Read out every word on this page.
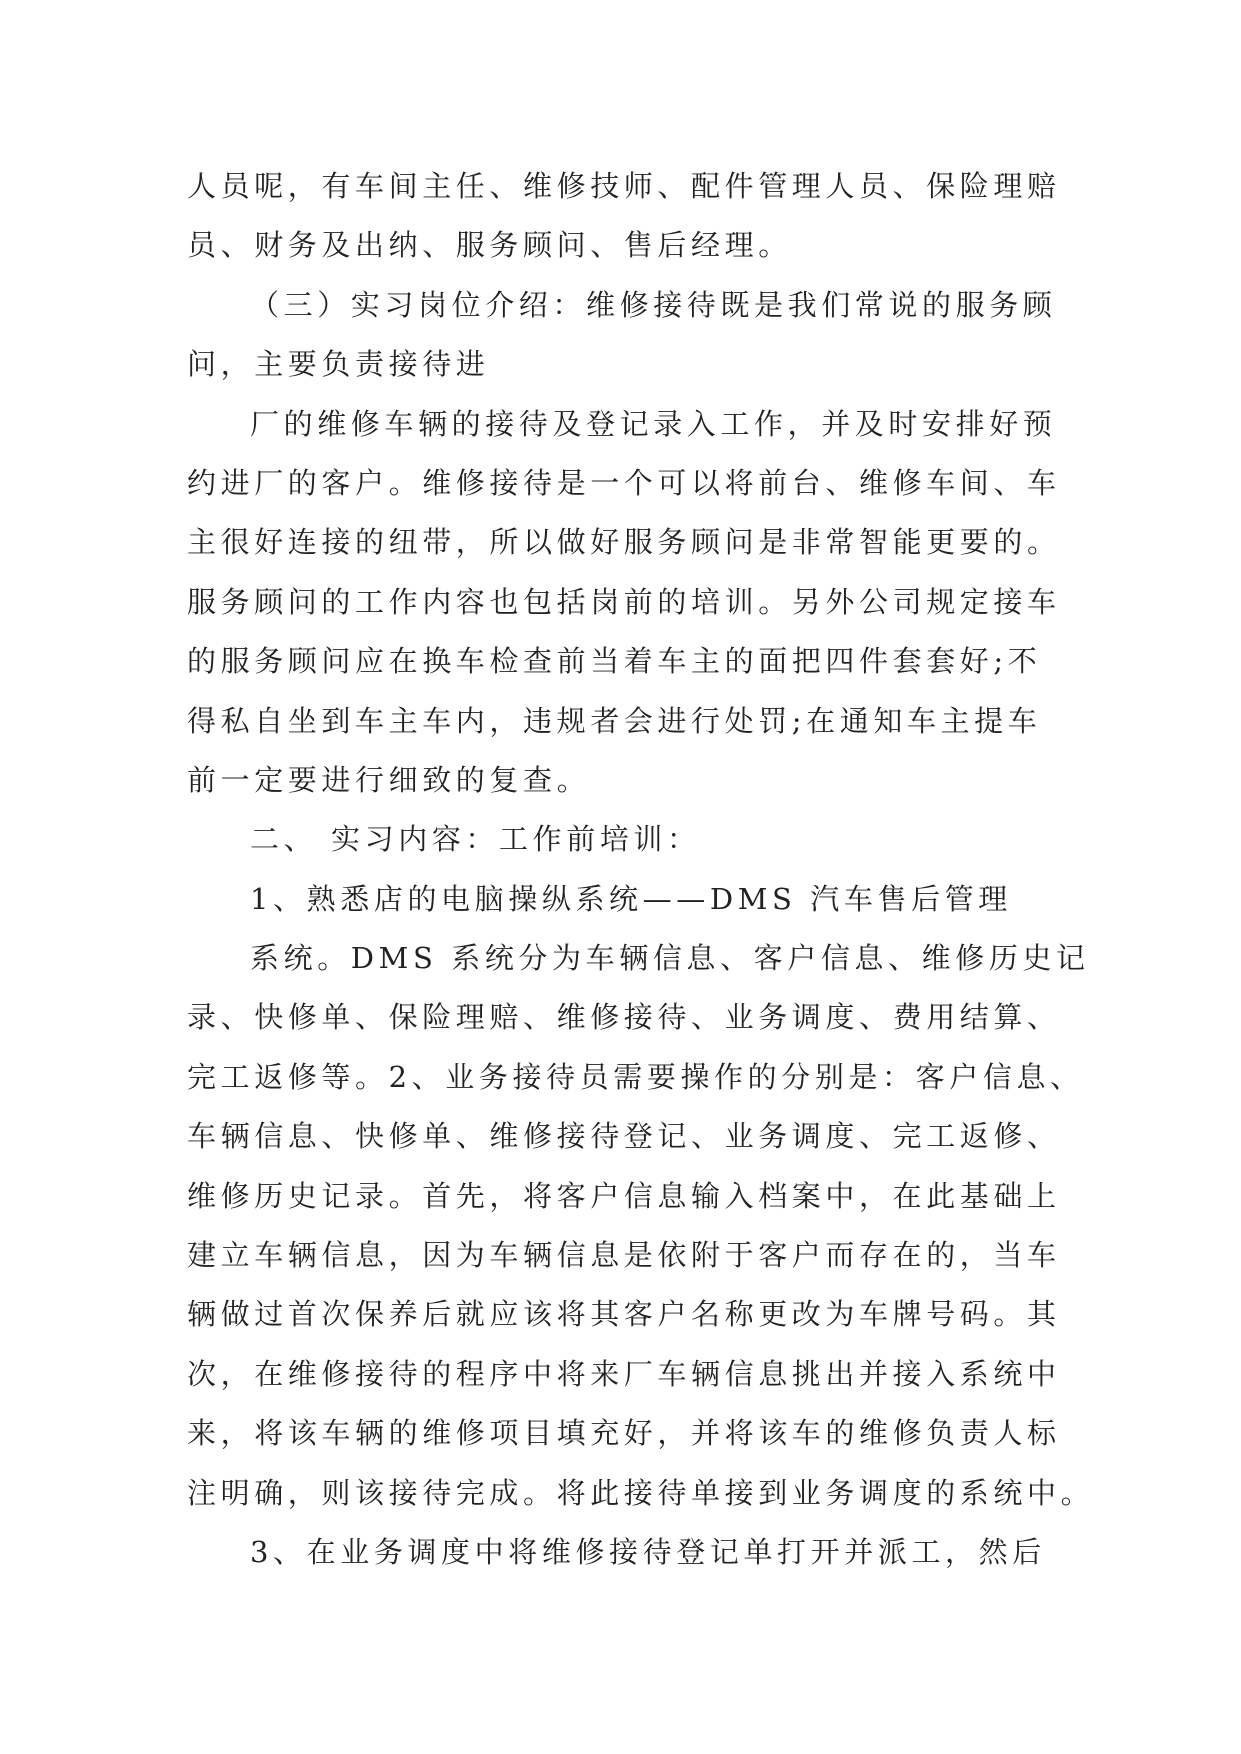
人员呢，有车间主任、维修技师、配件管理人员、保险理赔
员、财务及出纳、服务顾问、售后经理。
（三）实习岗位介绍：维修接待既是我们常说的服务顾
问，主要负责接待进
厂的维修车辆的接待及登记录入工作，并及时安排好预
约进厂的客户。维修接待是一个可以将前台、维修车间、车
主很好连接的纽带，所以做好服务顾问是非常智能更要的。
服务顾问的工作内容也包括岗前的培训。另外公司规定接车
的服务顾问应在换车检查前当着车主的面把四件套套好;不
得私自坐到车主车内，违规者会进行处罚;在通知车主提车
前一定要进行细致的复查。
二、 实习内容：工作前培训：
1、熟悉店的电脑操纵系统——DMS 汽车售后管理
系统。DMS 系统分为车辆信息、客户信息、维修历史记
录、快修单、保险理赔、维修接待、业务调度、费用结算、
完工返修等。2、业务接待员需要操作的分别是：客户信息、
车辆信息、快修单、维修接待登记、业务调度、完工返修、
维修历史记录。首先，将客户信息输入档案中，在此基础上
建立车辆信息，因为车辆信息是依附于客户而存在的，当车
辆做过首次保养后就应该将其客户名称更改为车牌号码。其
次，在维修接待的程序中将来厂车辆信息挑出并接入系统中
来，将该车辆的维修项目填充好，并将该车的维修负责人标
注明确，则该接待完成。将此接待单接到业务调度的系统中。
3、在业务调度中将维修接待登记单打开并派工，然后
